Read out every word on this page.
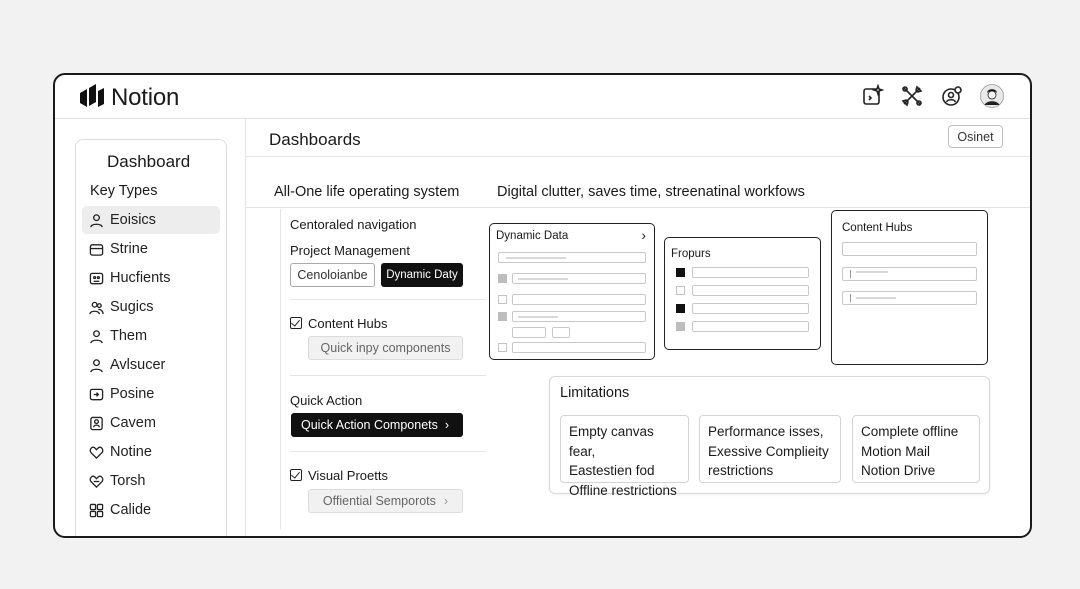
Notion
Dashboard
Key Types
Eoisics
Strine
Hucfients
Sugics
Them
Avlsucer
Posine
Cavem
Notine
Torsh
Calide
Dashboards	Osinet
All-One life operating system	Digital clutter, saves time, streenatinal workfows
Centoraled navigation
Project Management
Cenoloianbe	Dynamic Daty
Content Hubs
Quick inpy components
Quick Action
Quick Action Componets ›
Visual Proetts
Offiential Semporots ›
Dynamic Data	›
Fropurs
Content Hubs
Limitations
Empty canvas fear,
Eastestien fod
Offline restrictions
Performance isses,
Exessive Complieity
restrictions
Complete offline
Motion Mail
Notion Drive
